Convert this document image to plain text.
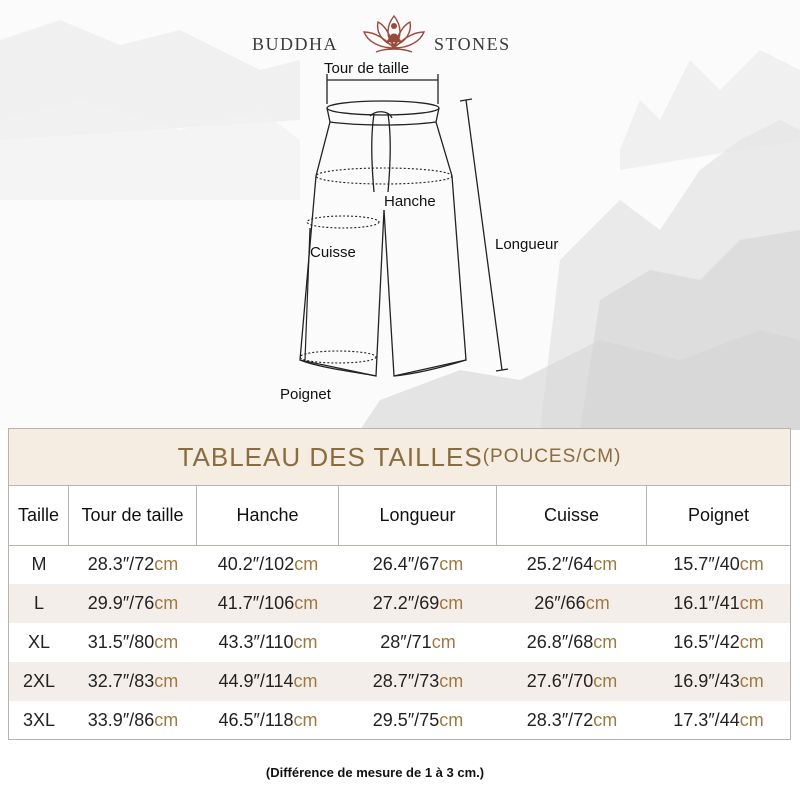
BUDDHA	STONES
Tour de taille
Hanche
Cuisse	Longueur
Poignet
TABLEAU DES TAILLES (POUCES/CM)
Taille	Tour de taille	Hanche	Longueur	Cuisse	Poignet
M	28.3″/72 cm 40.2″/102 cm	26.4″/67 cm	25.2″/64 cm	15.7″/40 cm
L	29.9″/76 cm 41.7″/106 cm	27.2″/69 cm	26″/66 cm	16.1″/41 cm
XL	31.5″/80 cm 43.3″/110 cm	28″/71 cm	26.8″/68 cm	16.5″/42 cm
2XL	32.7″/83 cm 44.9″/114 cm	28.7″/73 cm	27.6″/70 cm	16.9″/43 cm
3XL	33.9″/86 cm 46.5″/118 cm	29.5″/75 cm	28.3″/72 cm	17.3″/44 cm
(Différence de mesure de 1 à 3 cm.)
